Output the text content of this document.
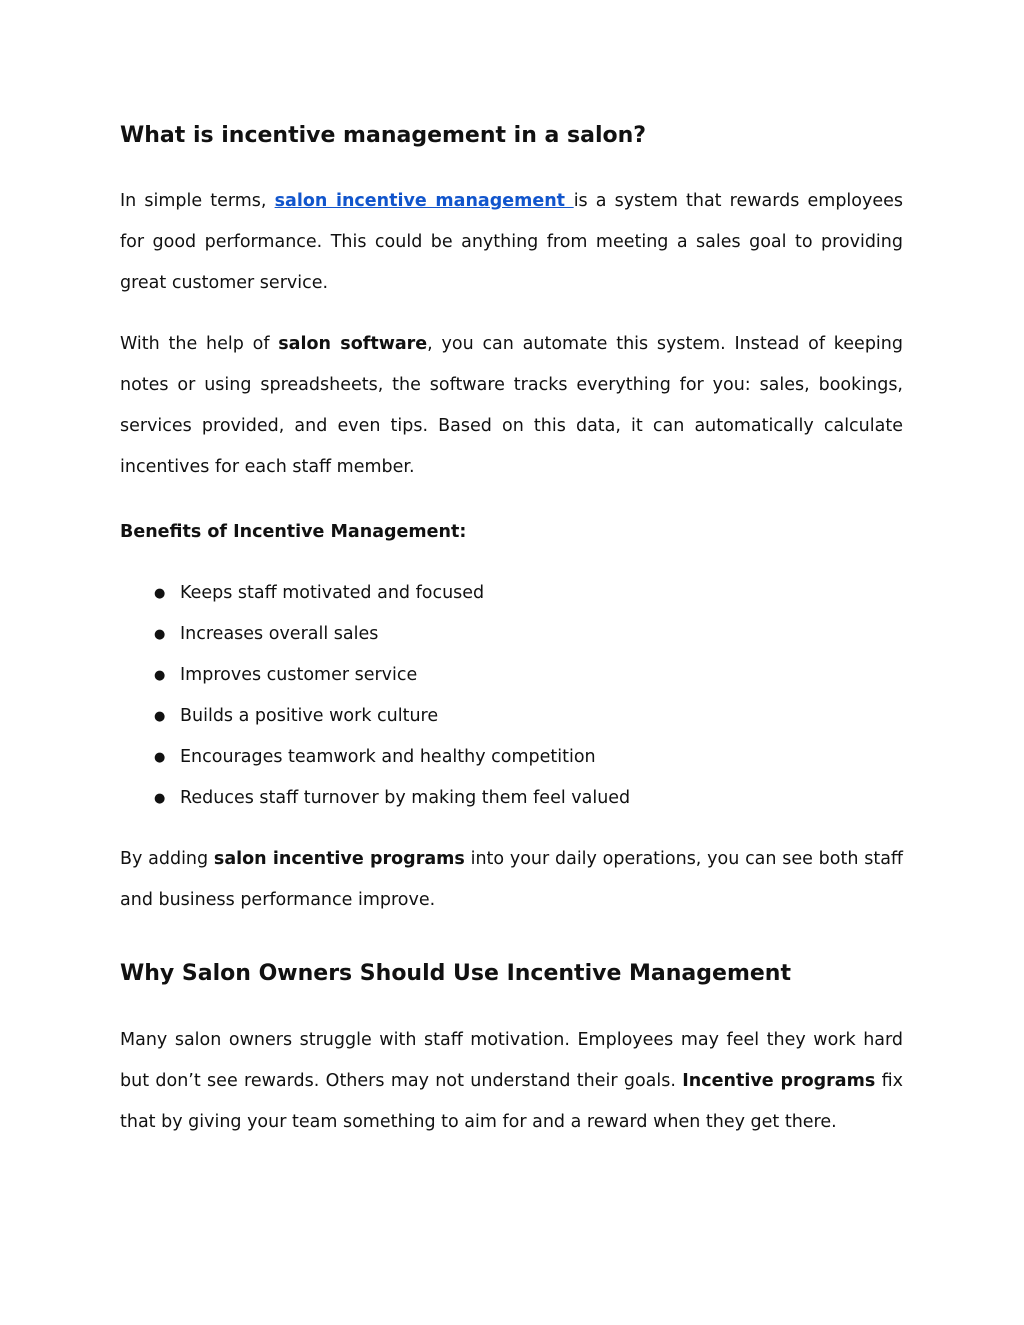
What is incentive management in a salon?

In simple terms, salon incentive management is a system that rewards employees for good performance. This could be anything from meeting a sales goal to providing great customer service.

With the help of salon software, you can automate this system. Instead of keeping notes or using spreadsheets, the software tracks everything for you: sales, bookings, services provided, and even tips. Based on this data, it can automatically calculate incentives for each staff member.

Benefits of Incentive Management:
● Keeps staff motivated and focused
● Increases overall sales
● Improves customer service
● Builds a positive work culture
● Encourages teamwork and healthy competition
● Reduces staff turnover by making them feel valued

By adding salon incentive programs into your daily operations, you can see both staff and business performance improve.

Why Salon Owners Should Use Incentive Management

Many salon owners struggle with staff motivation. Employees may feel they work hard but don’t see rewards. Others may not understand their goals. Incentive programs fix that by giving your team something to aim for and a reward when they get there.
